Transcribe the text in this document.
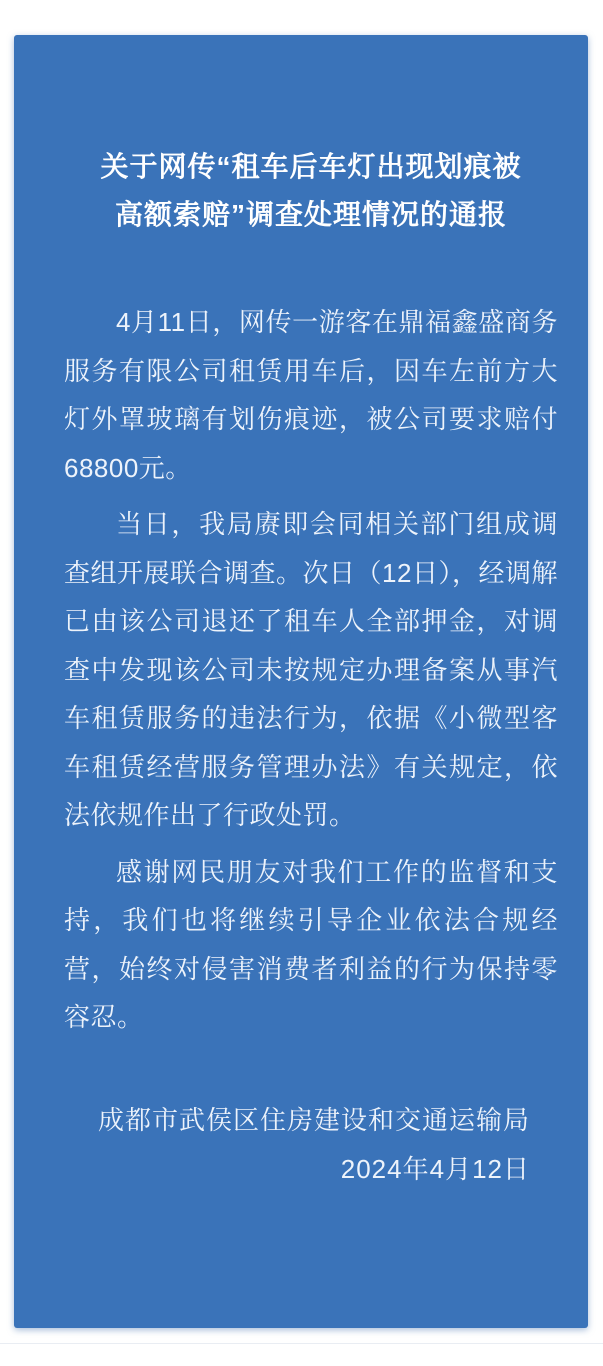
关于网传“租车后车灯出现划痕被
高额索赔”调查处理情况的通报

4月11日，网传一游客在鼎福鑫盛商务服务有限公司租赁用车后，因车左前方大灯外罩玻璃有划伤痕迹，被公司要求赔付68800元。

当日，我局赓即会同相关部门组成调查组开展联合调查。次日（12日），经调解已由该公司退还了租车人全部押金，对调查中发现该公司未按规定办理备案从事汽车租赁服务的违法行为，依据《小微型客车租赁经营服务管理办法》有关规定，依法依规作出了行政处罚。

感谢网民朋友对我们工作的监督和支持，我们也将继续引导企业依法合规经营，始终对侵害消费者利益的行为保持零容忍。

成都市武侯区住房建设和交通运输局
2024年4月12日
